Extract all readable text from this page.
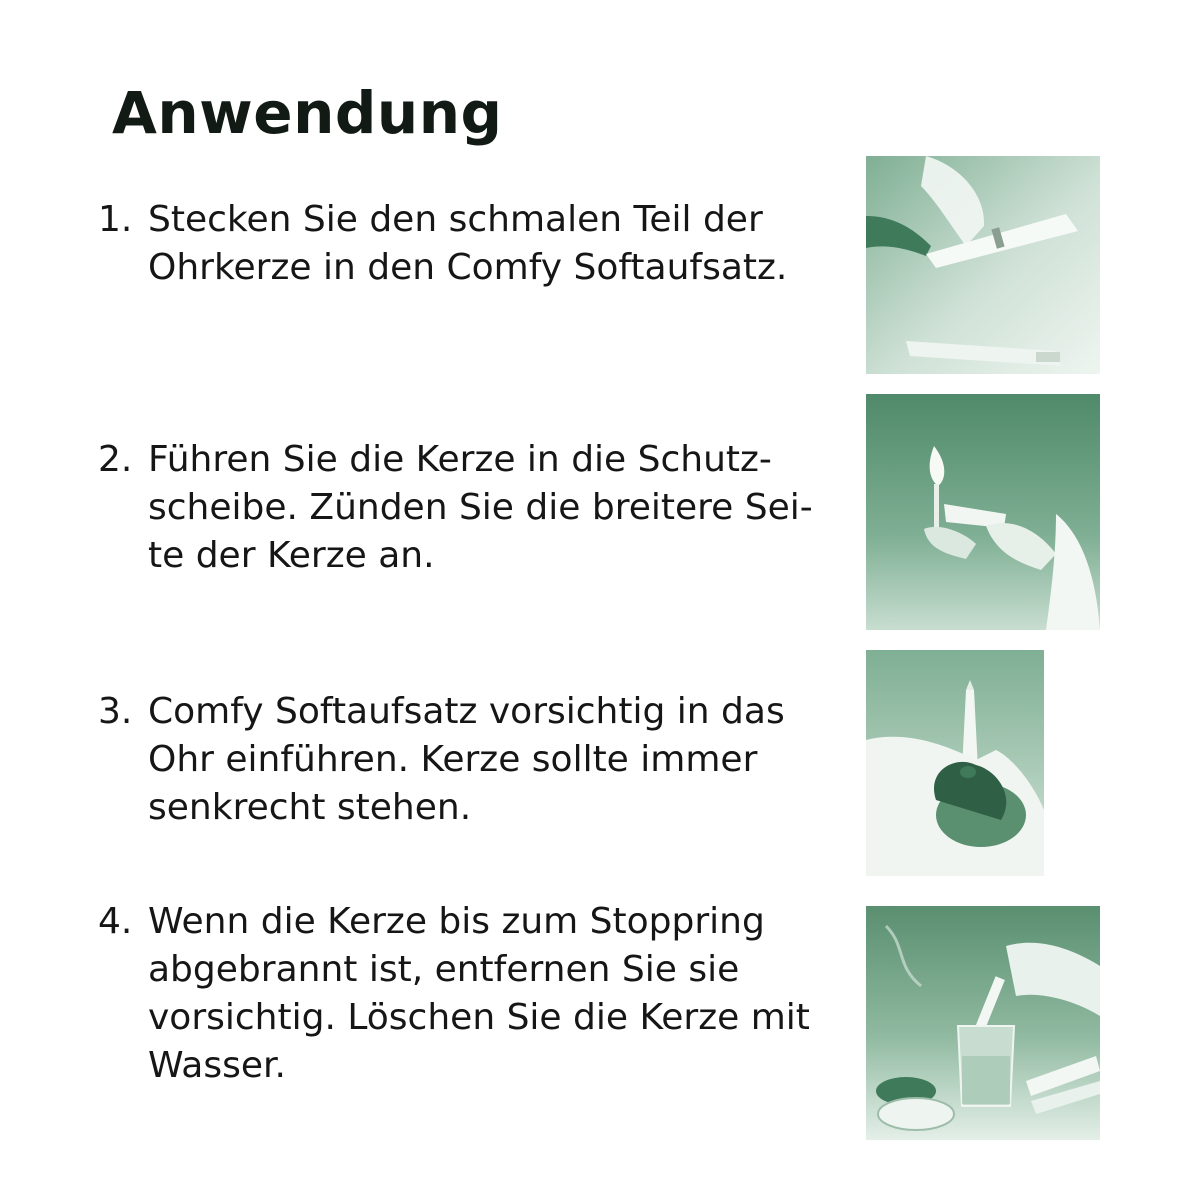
Anwendung
1. Stecken Sie den schmalen Teil der Ohrkerze in den Comfy Softaufsatz.
2. Führen Sie die Kerze in die Schutz- scheibe. Zünden Sie die breitere Sei- te der Kerze an.
3. Comfy Softaufsatz vorsichtig in das Ohr einführen. Kerze sollte immer senkrecht stehen.
4. Wenn die Kerze bis zum Stoppring abgebrannt ist, entfernen Sie sie vorsichtig. Löschen Sie die Kerze mit Wasser.
